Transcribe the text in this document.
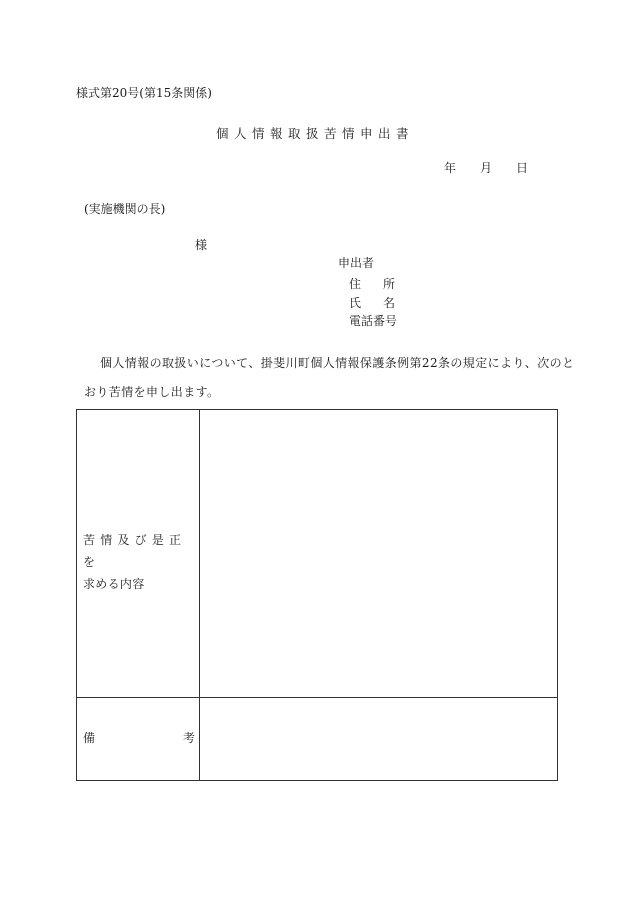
様式第20号(第15条関係)
個人情報取扱苦情申出書
年 月 日
(実施機関の長)
様
申出者
住所
氏名
電話番号
個人情報の取扱いについて、掛斐川町個人情報保護条例第22条の規定により、次のと
おり苦情を申し出ます。
苦情及び是正を
求める内容
備	考
